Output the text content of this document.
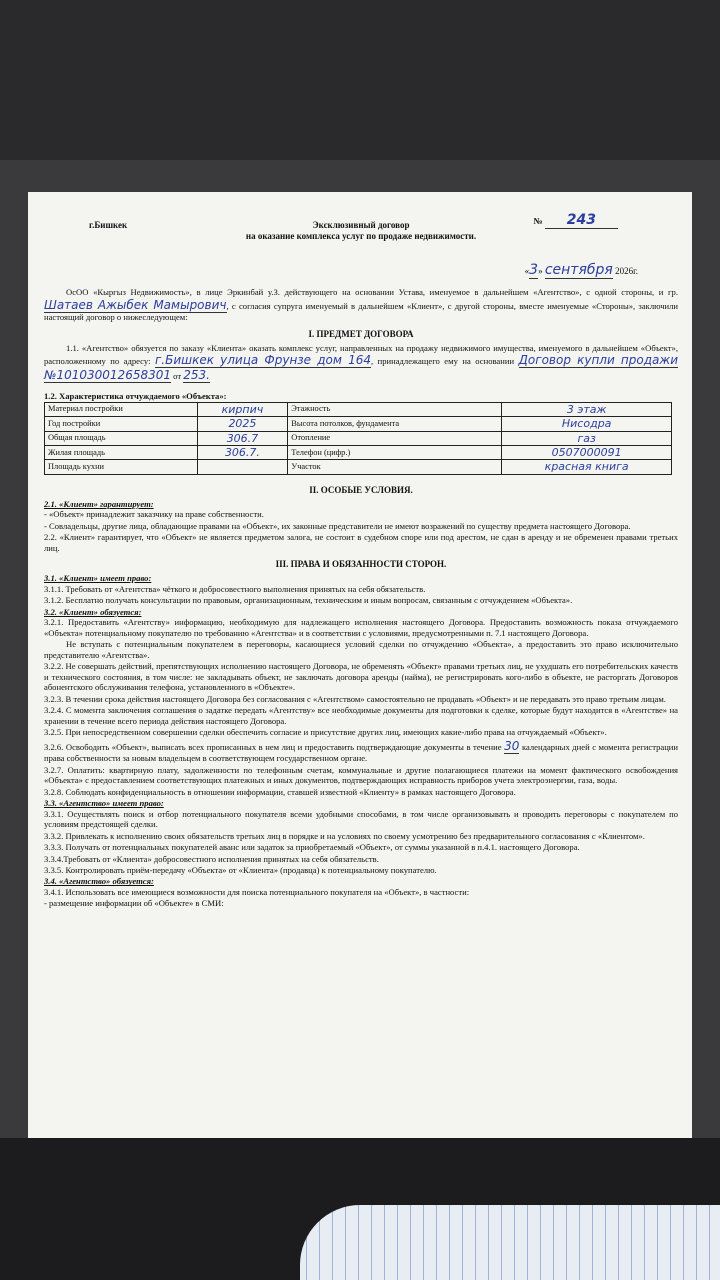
г.Бишкек	Эксклюзивный договор
на оказание комплекса услуг по продаже недвижимости.
№ 243
«3» сентября 2026г.

ОсОО «Кыргыз Недвижимость», в лице Эркинбай у.З. действующего на основании Устава, именуемое в дальнейшем «Агентство», с одной стороны, и гр. Шатаев Ажыбек Мамырович, с согласия супруга именуемый в дальнейшем «Клиент», с другой стороны, вместе именуемые «Стороны», заключили настоящий договор о нижеследующем:

I. ПРЕДМЕТ ДОГОВОРА

1.1. «Агентство» обязуется по заказу «Клиента» оказать комплекс услуг, направленных на продажу недвижимого имущества, именуемого в дальнейшем «Объект», расположенному по адресу: г.Бишкек улица Фрунзе дом 164, принадлежащего ему на основании Договор купли продажи №101030012658301 от 253.

1.2. Характеристика отчуждаемого «Объекта»:
Материал постройки	кирпич	Этажность	3 этаж
Год постройки	2025	Высота потолков, фундамента	Нисодра
Общая площадь	306.7	Отопление	газ
Жилая площадь	306.7.	Телефон (цифр.)	0507000091
Площадь кухни		Участок	красная книга
II. ОСОБЫЕ УСЛОВИЯ.
2.1. «Клиент» гарантирует:

- «Объект» принадлежит заказчику на праве собственности.

- Совладельцы, другие лица, обладающие правами на «Объект», их законные представители не имеют возражений по существу предмета настоящего Договора.

2.2. «Клиент» гарантирует, что «Объект» не является предметом залога, не состоит в судебном споре или под арестом, не сдан в аренду и не обременен правами третьих лиц.

III. ПРАВА И ОБЯЗАННОСТИ СТОРОН.
3.1. «Клиент» имеет право:

3.1.1. Требовать от «Агентства» чёткого и добросовестного выполнения принятых на себя обязательств.

3.1.2. Бесплатно получать консультации по правовым, организационным, техническим и иным вопросам, связанным с отчуждением «Объекта».

3.2. «Клиент» обязуется:

3.2.1. Предоставить «Агентству» информацию, необходимую для надлежащего исполнения настоящего Договора. Предоставить возможность показа отчуждаемого «Объекта» потенциальному покупателю по требованию «Агентства» и в соответствии с условиями, предусмотренными п. 7.1 настоящего Договора.

Не вступать с потенциальным покупателем в переговоры, касающиеся условий сделки по отчуждению «Объекта», а предоставить это право исключительно представителю «Агентства».

3.2.2. Не совершать действий, препятствующих исполнению настоящего Договора, не обременять «Объект» правами третьих лиц, не ухудшать его потребительских качеств и технического состояния, в том числе: не закладывать объект, не заключать договора аренды (найма), не регистрировать кого-либо в объекте, не расторгать Договоров абонентского обслуживания телефона, установленного в «Объекте».

3.2.3. В течении срока действия настоящего Договора без согласования с «Агентством» самостоятельно не продавать «Объект» и не передавать это право третьим лицам.

3.2.4. С момента заключения соглашения о задатке передать «Агентству» все необходимые документы для подготовки к сделке, которые будут находится в «Агентстве» на хранении в течение всего периода действия настоящего Договора.

3.2.5. При непосредственном совершении сделки обеспечить согласие и присутствие других лиц, имеющих какие-либо права на отчуждаемый «Объект».

3.2.6. Освободить «Объект», выписать всех прописанных в нем лиц и предоставить подтверждающие документы в течение 30 календарных дней с момента регистрации права собственности за новым владельцем в соответствующем государственном органе.

3.2.7. Оплатить: квартирную плату, задолженности по телефонным счетам, коммунальные и другие полагающиеся платежи на момент фактического освобождения «Объекта» с предоставлением соответствующих платежных и иных документов, подтверждающих исправность приборов учета электроэнергии, газа, воды.

3.2.8. Соблюдать конфиденциальность в отношении информации, ставшей известной «Клиенту» в рамках настоящего Договора.

3.3. «Агентство» имеет право:

3.3.1. Осуществлять поиск и отбор потенциального покупателя всеми удобными способами, в том числе организовывать и проводить переговоры с покупателем по условиям предстоящей сделки.

3.3.2. Привлекать к исполнению своих обязательств третьих лиц в порядке и на условиях по своему усмотрению без предварительного согласования с «Клиентом».

3.3.3. Получать от потенциальных покупателей аванс или задаток за приобретаемый «Объект», от суммы указанной в п.4.1. настоящего Договора.

3.3.4.Требовать от «Клиента» добросовестного исполнения принятых на себя обязательств.

3.3.5. Контролировать приём-передачу «Объекта» от «Клиента» (продавца) к потенциальному покупателю.

3.4. «Агентство» обязуется:

3.4.1. Использовать все имеющиеся возможности для поиска потенциального покупателя на «Объект», в частности:

- размещение информации об «Объекте» в СМИ:
